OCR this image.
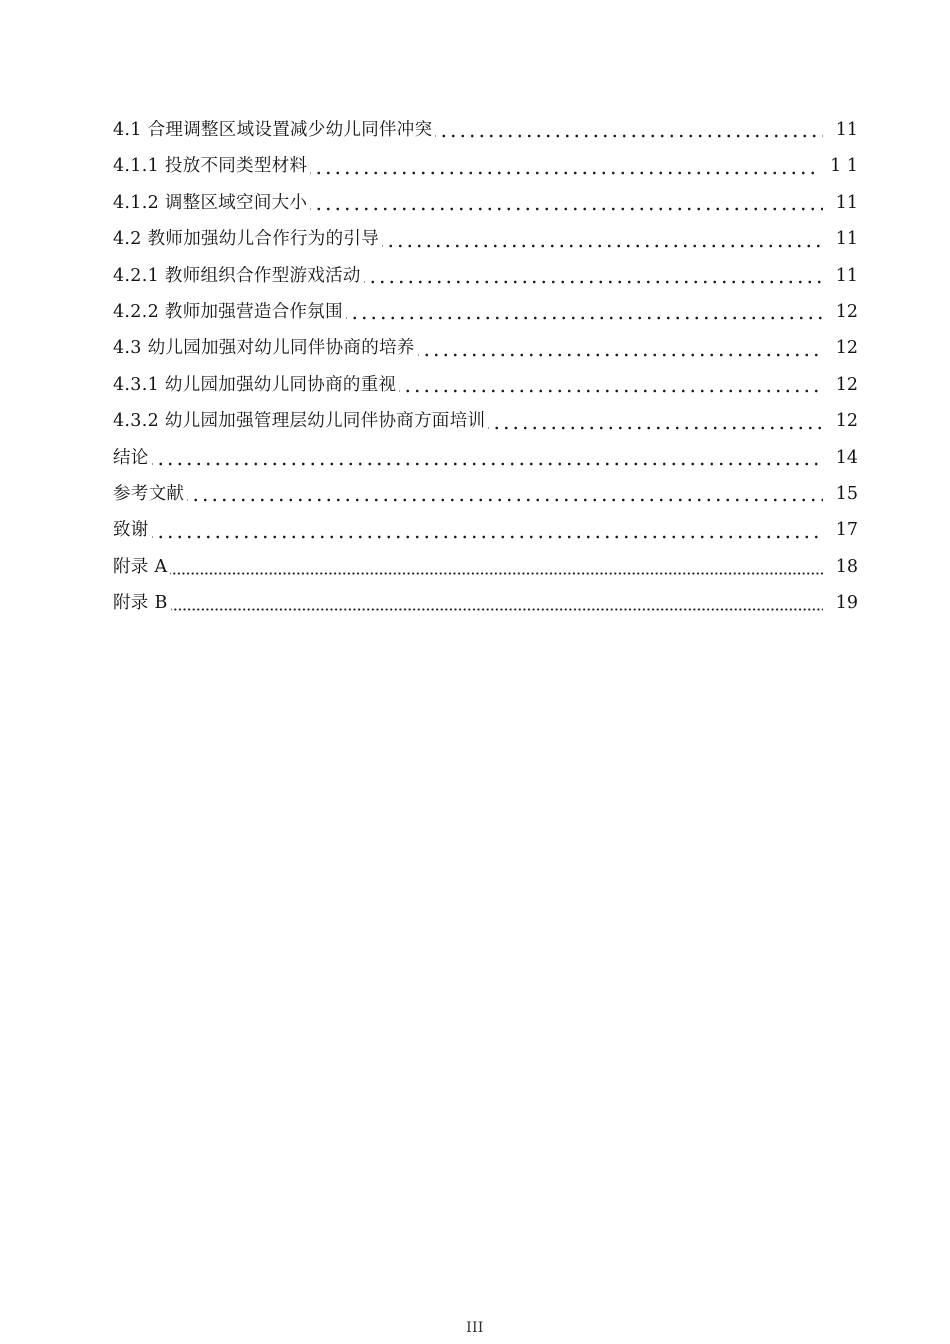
4.1 合理调整区域设置减少幼儿同伴冲突	11
4.1.1 投放不同类型材料	1 1
4.1.2 调整区域空间大小	11
4.2 教师加强幼儿合作行为的引导	11
4.2.1 教师组织合作型游戏活动	11
4.2.2 教师加强营造合作氛围	12
4.3 幼儿园加强对幼儿同伴协商的培养	12
4.3.1 幼儿园加强幼儿同协商的重视	12
4.3.2 幼儿园加强管理层幼儿同伴协商方面培训	12
结论	14
参考文献	15
致谢	17
附录 A	18
附录 B	19
III
